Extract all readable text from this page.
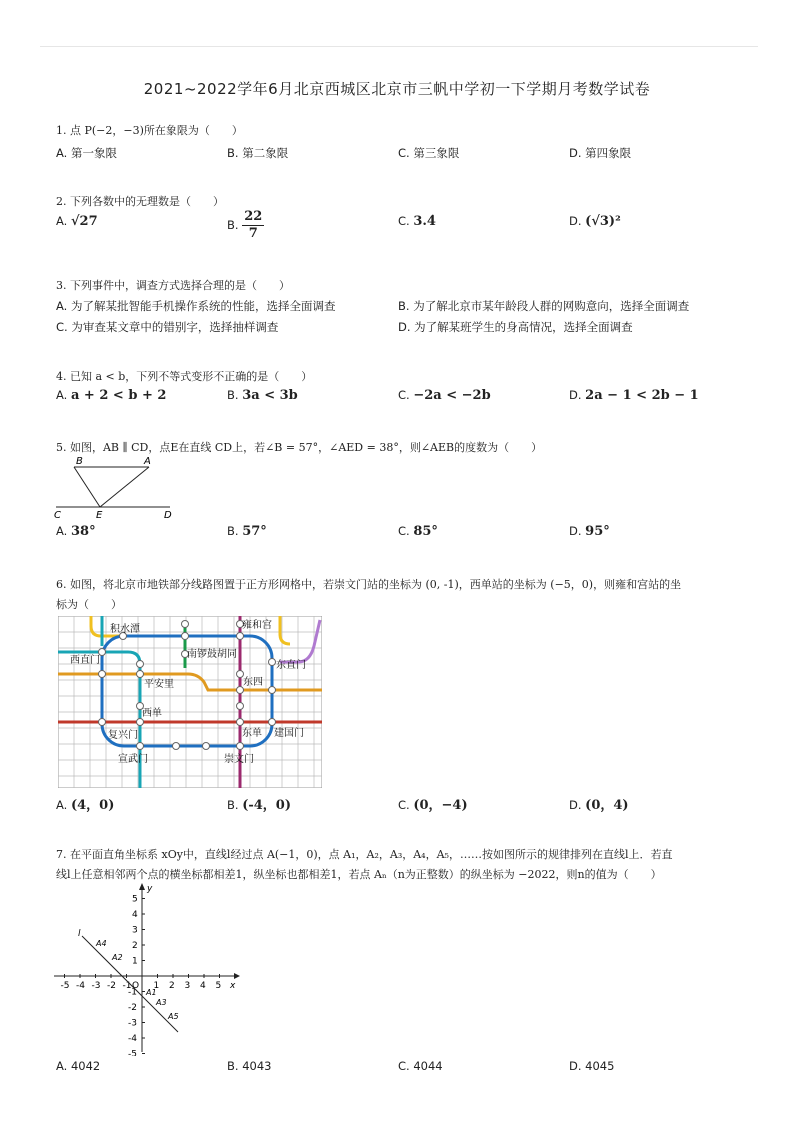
2021~2022学年6月北京西城区北京市三帆中学初一下学期月考数学试卷
1. 点 P(−2，−3)所在象限为（　　）
A. 第一象限	B. 第二象限	C. 第三象限	D. 第四象限
2. 下列各数中的无理数是（　　）
A. √27	B. $\frac{22}{7}$	C. 3.4̇	D. (√3)²
3. 下列事件中，调查方式选择合理的是（　　）
A. 为了解某批智能手机操作系统的性能，选择全面调查	B. 为了解北京市某年龄段人群的网购意向，选择全面调查
C. 为审查某文章中的错别字，选择抽样调查	D. 为了解某班学生的身高情况，选择全面调查
4. 已知 a < b，下列不等式变形不正确的是（　　）
A. a + 2 < b + 2	B. 3a < 3b	C. −2a < −2b	D. 2a − 1 < 2b − 1
5. 如图，AB ∥ CD，点E在直线 CD上，若∠B = 57°，∠AED = 38°，则∠AEB的度数为（　　）
B	A
C	E	D
A. 38°	B. 57°	C. 85°	D. 95°
6. 如图，将北京市地铁部分线路图置于正方形网格中，若崇文门站的坐标为 (0, -1)，西单站的坐标为 (−5，0)，则雍和宫站的坐
标为（　　）
积水潭	雍和宫
西直门
南锣鼓胡同
东直门
平安里	东四
西单
东单 建国门
复兴门
宣武门	崇文门
A. (4，0)	B. (-4，0)	C. (0，−4)	D. (0，4)
7. 在平面直角坐标系 xOy中，直线l经过点 A(−1，0)，点 A₁，A₂，A₃，A₄，A₅，……按如图所示的规律排列在直线l上．若直
线l上任意相邻两个点的横坐标都相差1，纵坐标也都相差1，若点 Aₙ（n为正整数）的纵坐标为 −2022，则n的值为（　　）
x
y
-5 -4 -3 -2 -1 1 2 3 4 5
5
4
3
2
1
-1
-2
-3
-4
-5
O
l
A4
A2
A1
A3
A5
A. 4042	B. 4043	C. 4044	D. 4045
